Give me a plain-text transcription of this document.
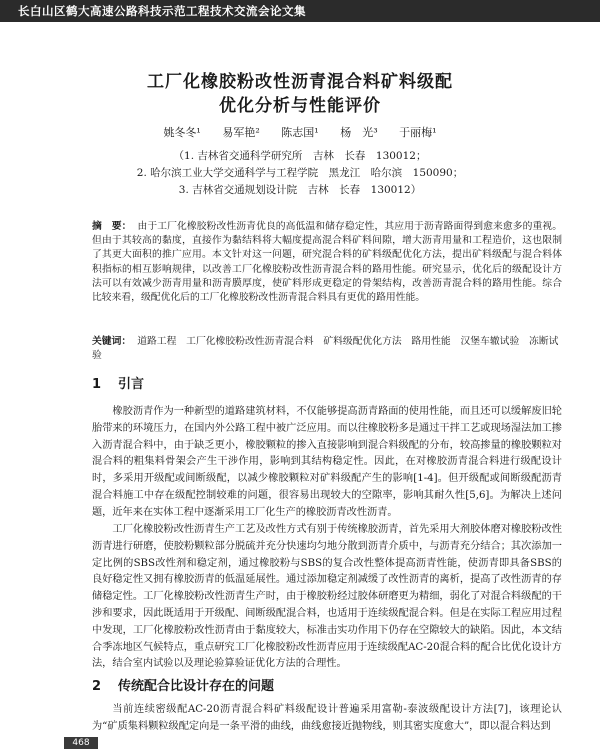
长白山区鹤大高速公路科技示范工程技术交流会论文集
工厂化橡胶粉改性沥青混合料矿料级配
优化分析与性能评价
姚冬冬¹ 易军艳² 陈志国¹ 杨　光³ 于丽梅¹
（1. 吉林省交通科学研究所　吉林　长春　130012；
2. 哈尔滨工业大学交通科学与工程学院　黑龙江　哈尔滨　150090；
3. 吉林省交通规划设计院　吉林　长春　130012）
摘　要： 由于工厂化橡胶粉改性沥青优良的高低温和储存稳定性，其应用于沥青路面得到愈来愈多的重视。但由于其较高的黏度，直接作为黏结料将大幅度提高混合料矿料间隙，增大沥青用量和工程造价，这也限制了其更大面积的推广应用。本文针对这一问题，研究混合料的矿料级配优化方法，提出矿料级配与混合料体积指标的相互影响规律，以改善工厂化橡胶粉改性沥青混合料的路用性能。研究显示，优化后的级配设计方法可以有效减少沥青用量和沥青膜厚度，使矿料形成更稳定的骨架结构，改善沥青混合料的路用性能。综合比较来看，级配优化后的工厂化橡胶粉改性沥青混合料具有更优的路用性能。
关键词： 道路工程　工厂化橡胶粉改性沥青混合料　矿料级配优化方法　路用性能　汉堡车辙试验　冻断试验
1 引言
橡胶沥青作为一种新型的道路建筑材料，不仅能够提高沥青路面的使用性能，而且还可以缓解废旧轮胎带来的环境压力，在国内外公路工程中被广泛应用。而以往橡胶粉多是通过干拌工艺或现场湿法加工掺入沥青混合料中，由于缺乏更小，橡胶颗粒的掺入直接影响到混合料级配的分布，较高掺量的橡胶颗粒对混合料的粗集料骨架会产生干涉作用，影响到其结构稳定性。因此，在对橡胶沥青混合料进行级配设计时，多采用开级配或间断级配，以减少橡胶颗粒对矿料级配产生的影响[1-4]。但开级配或间断级配沥青混合料施工中存在级配控制较难的问题，很容易出现较大的空隙率，影响其耐久性[5,6]。为解决上述问题，近年来在实体工程中逐渐采用工厂化生产的橡胶沥青改性沥青。
工厂化橡胶粉改性沥青生产工艺及改性方式有别于传统橡胶沥青，首先采用大剂胶体磨对橡胶粉改性沥青进行研磨，使胶粉颗粒部分脱硫并充分快速均匀地分散到沥青介质中，与沥青充分结合；其次添加一定比例的SBS改性剂和稳定剂，通过橡胶粉与SBS的复合改性整体提高沥青性能，使沥青即具备SBS的良好稳定性又拥有橡胶沥青的低温延展性。通过添加稳定剂减缓了改性沥青的离析，提高了改性沥青的存储稳定性。工厂化橡胶粉改性沥青生产时，由于橡胶粉经过胶体研磨更为精细，弱化了对混合料级配的干涉和要求，因此既适用于开级配、间断级配混合料，也适用于连续级配混合料。但是在实际工程应用过程中发现，工厂化橡胶粉改性沥青由于黏度较大，标准击实功作用下仍存在空隙较大的缺陷。因此，本文结合季冻地区气候特点，重点研究工厂化橡胶粉改性沥青应用于连续级配AC-20混合料的配合比优化设计方法，结合室内试验以及理论验算验证优化方法的合理性。
2 传统配合比设计存在的问题
当前连续密级配AC-20沥青混合料矿料级配设计普遍采用富勒-泰波级配设计方法[7]，该理论认为“矿质集料颗粒级配定向是一条平滑的曲线，曲线愈接近抛物线，则其密实度愈大”，即以混合料达到
468
